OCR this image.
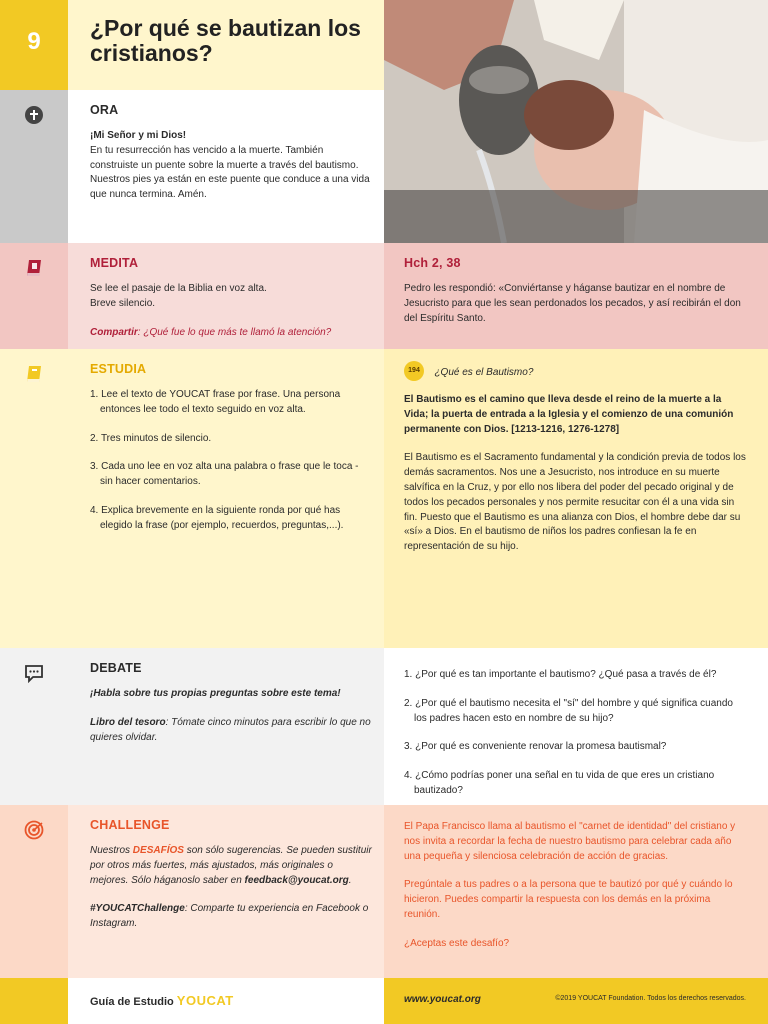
9	¿Por qué se bautizan los cristianos?
ORA

¡Mi Señor y mi Dios!

En tu resurrección has vencido a la muerte. También construiste un puente sobre la muerte a través del bautismo. Nuestros pies ya están en este puente que conduce a una vida que nunca termina. Amén.

MEDITA

Se lee el pasaje de la Biblia en voz alta.

Breve silencio.

Compartir: ¿Qué fue lo que más te llamó la atención?

Hch 2, 38

Pedro les respondió: «Conviértanse y háganse bautizar en el nombre de Jesucristo para que les sean perdonados los pecados, y así recibirán el don del Espíritu Santo.

ESTUDIA
1. Lee el texto de YOUCAT frase por frase. Una persona entonces lee todo el texto seguido en voz alta.
2. Tres minutos de silencio.
3. Cada uno lee en voz alta una palabra o frase que le toca - sin hacer comentarios.
4. Explica brevemente en la siguiente ronda por qué has elegido la frase (por ejemplo, recuerdos, preguntas,...).
194 ¿Qué es el Bautismo?

El Bautismo es el camino que lleva desde el reino de la muerte a la Vida; la puerta de entrada a la Iglesia y el comienzo de una comunión permanente con Dios. [1213-1216, 1276-1278]

El Bautismo es el Sacramento fundamental y la condición previa de todos los demás sacramentos. Nos une a Jesucristo, nos introduce en su muerte salvífica en la Cruz, y por ello nos libera del poder del pecado original y de todos los pecados personales y nos permite resucitar con él a una vida sin fin. Puesto que el Bautismo es una alianza con Dios, el hombre debe dar su «sí» a Dios. En el bautismo de niños los padres confiesan la fe en representación de su hijo.

DEBATE

¡Habla sobre tus propias preguntas sobre este tema!

Libro del tesoro: Tómate cinco minutos para escribir lo que no quieres olvidar.

1. ¿Por qué es tan importante el bautismo? ¿Qué pasa a través de él?
2. ¿Por qué el bautismo necesita el "sí" del hombre y qué significa cuando los padres hacen esto en nombre de su hijo?
3. ¿Por qué es conveniente renovar la promesa bautismal?
4. ¿Cómo podrías poner una señal en tu vida de que eres un cristiano bautizado?
CHALLENGE

Nuestros DESAFÍOS son sólo sugerencias. Se pueden sustituir por otros más fuertes, más ajustados, más originales o mejores. Sólo háganoslo saber en feedback@youcat.org.

#YOUCATChallenge: Comparte tu experiencia en Facebook o Instagram.

El Papa Francisco llama al bautismo el "carnet de identidad" del cristiano y nos invita a recordar la fecha de nuestro bautismo para celebrar cada año una pequeña y silenciosa celebración de acción de gracias.

Pregúntale a tus padres o a la persona que te bautizó por qué y cuándo lo hicieron. Puedes compartir la respuesta con los demás en la próxima reunión.

¿Aceptas este desafío?

Guía de Estudio YOUCAT	www.youcat.org	©2019 YOUCAT Foundation. Todos los derechos reservados.
